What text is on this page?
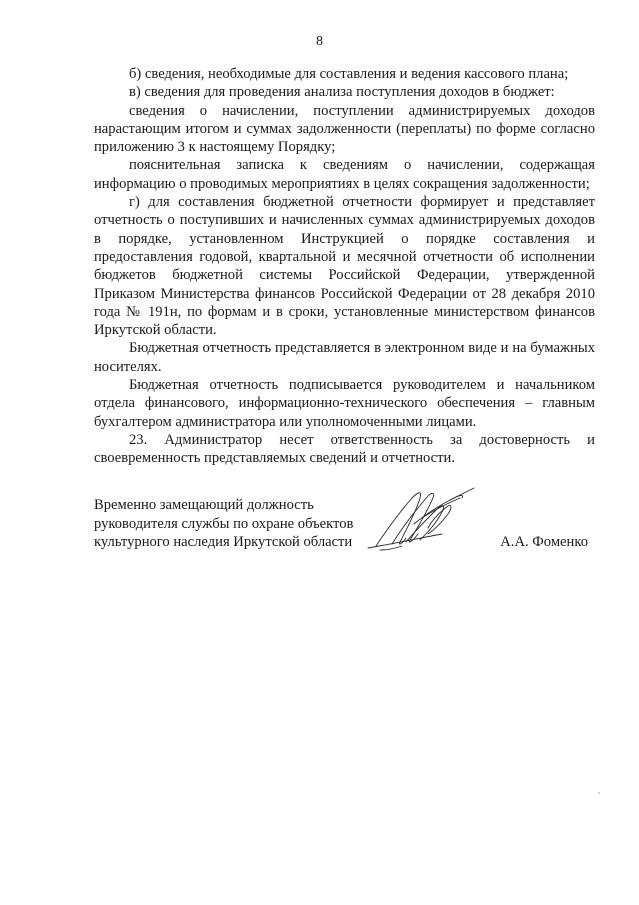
8

б) сведения, необходимые для составления и ведения кассового плана;

в) сведения для проведения анализа поступления доходов в бюджет:

сведения о начислении, поступлении администрируемых доходов нарастающим итогом и суммах задолженности (переплаты) по форме согласно приложению 3 к настоящему Порядку;

пояснительная записка к сведениям о начислении, содержащая информацию о проводимых мероприятиях в целях сокращения задолженности;

г) для составления бюджетной отчетности формирует и представляет отчетность о поступивших и начисленных суммах администрируемых доходов в порядке, установленном Инструкцией о порядке составления и предоставления годовой, квартальной и месячной отчетности об исполнении бюджетов бюджетной системы Российской Федерации, утвержденной Приказом Министерства финансов Российской Федерации от 28 декабря 2010 года № 191н, по формам и в сроки, установленные министерством финансов Иркутской области.

Бюджетная отчетность представляется в электронном виде и на бумажных носителях.

Бюджетная отчетность подписывается руководителем и начальником отдела финансового, информационно-технического обеспечения – главным бухгалтером администратора или уполномоченными лицами.

23. Администратор несет ответственность за достоверность и своевременность представляемых сведений и отчетности.

Временно замещающий должность
руководителя службы по охране объектов
культурного наследия Иркутской области	А.А. Фоменко
